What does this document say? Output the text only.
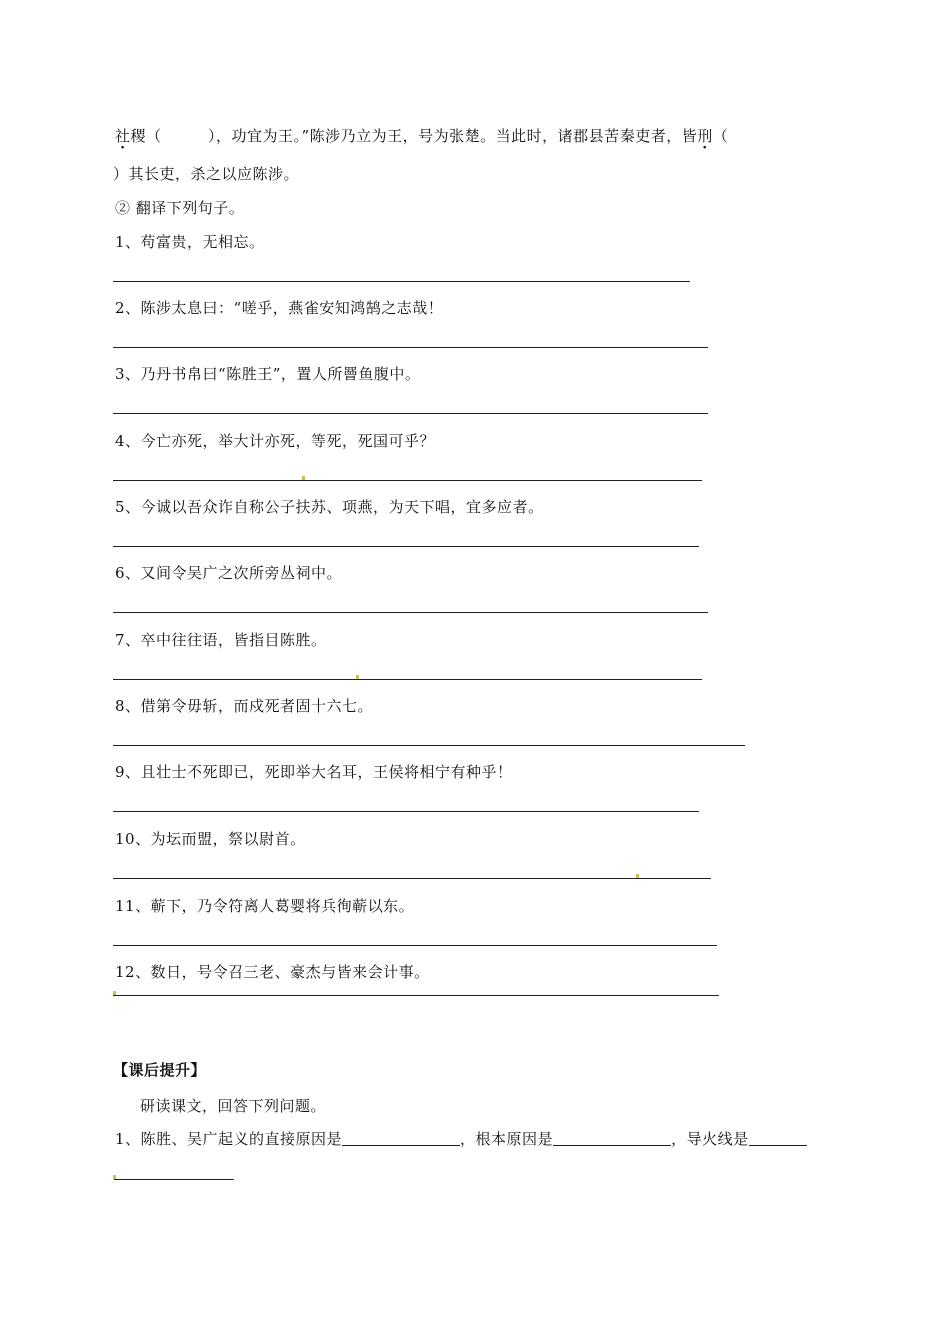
社稷（　　　），功宜为王。”陈涉乃立为王，号为张楚。当此时，诸郡县苦秦吏者，皆刑（
）其长吏，杀之以应陈涉。
② 翻译下列句子。
1、苟富贵，无相忘。
2、陈涉太息曰：“嗟乎，燕雀安知鸿鹄之志哉！
3、乃丹书帛曰“陈胜王”，置人所罾鱼腹中。
4、今亡亦死，举大计亦死，等死，死国可乎？
5、今诚以吾众诈自称公子扶苏、项燕，为天下唱，宜多应者。
6、又间令吴广之次所旁丛祠中。
7、卒中往往语，皆指目陈胜。
8、借第令毋斩，而戍死者固十六七。
9、且壮士不死即已，死即举大名耳，王侯将相宁有种乎！
10、为坛而盟，祭以尉首。
11、蕲下，乃令符离人葛婴将兵徇蕲以东。
12、数日，号令召三老、豪杰与皆来会计事。
【课后提升】
研读课文，回答下列问题。
1、陈胜、吴广起义的直接原因是	，根本原因是	，导火线是
